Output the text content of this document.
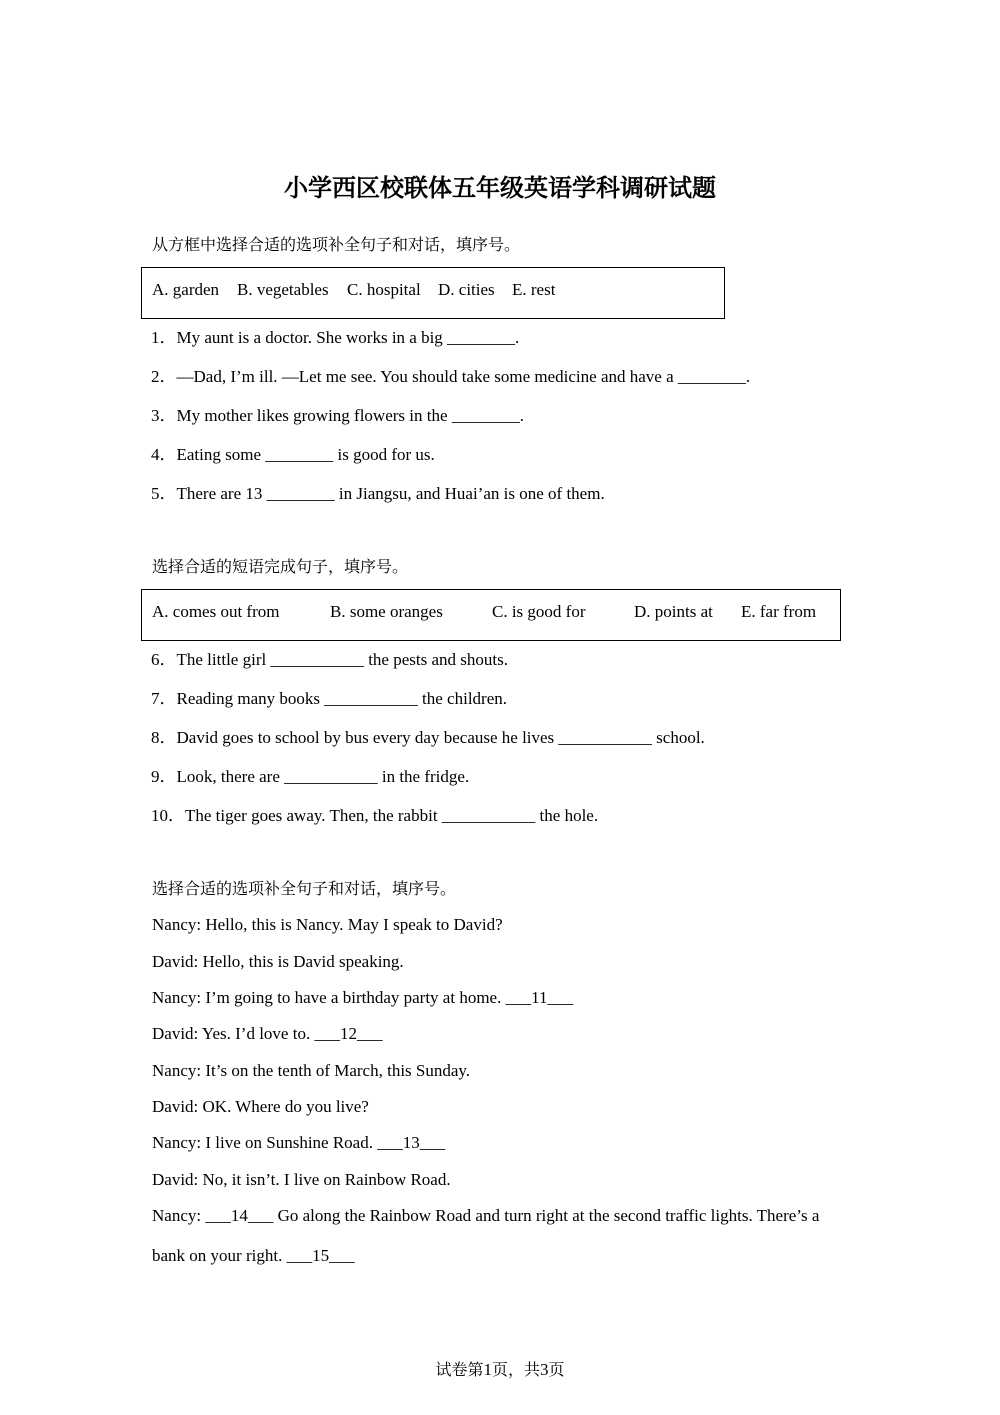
小学西区校联体五年级英语学科调研试题
从方框中选择合适的选项补全句子和对话，填序号。
A. garden B. vegetables C. hospital D. cities E. rest
1．My aunt is a doctor. She works in a big ________.
2．—Dad, I’m ill. —Let me see. You should take some medicine and have a ________.
3．My mother likes growing flowers in the ________.
4．Eating some ________ is good for us.
5．There are 13 ________ in Jiangsu, and Huai’an is one of them.
选择合适的短语完成句子，填序号。
A. comes out from	B. some oranges	C. is good for	D. points at E. far from
6．The little girl ___________ the pests and shouts.
7．Reading many books ___________ the children.
8．David goes to school by bus every day because he lives ___________ school.
9．Look, there are ___________ in the fridge.
10．The tiger goes away. Then, the rabbit ___________ the hole.
选择合适的选项补全句子和对话，填序号。
Nancy: Hello, this is Nancy. May I speak to David?
David: Hello, this is David speaking.
Nancy: I’m going to have a birthday party at home. ___11___
David: Yes. I’d love to. ___12___
Nancy: It’s on the tenth of March, this Sunday.
David: OK. Where do you live?
Nancy: I live on Sunshine Road. ___13___
David: No, it isn’t. I live on Rainbow Road.
Nancy: ___14___ Go along the Rainbow Road and turn right at the second traffic lights. There’s a
bank on your right. ___15___
试卷第1页，共3页
